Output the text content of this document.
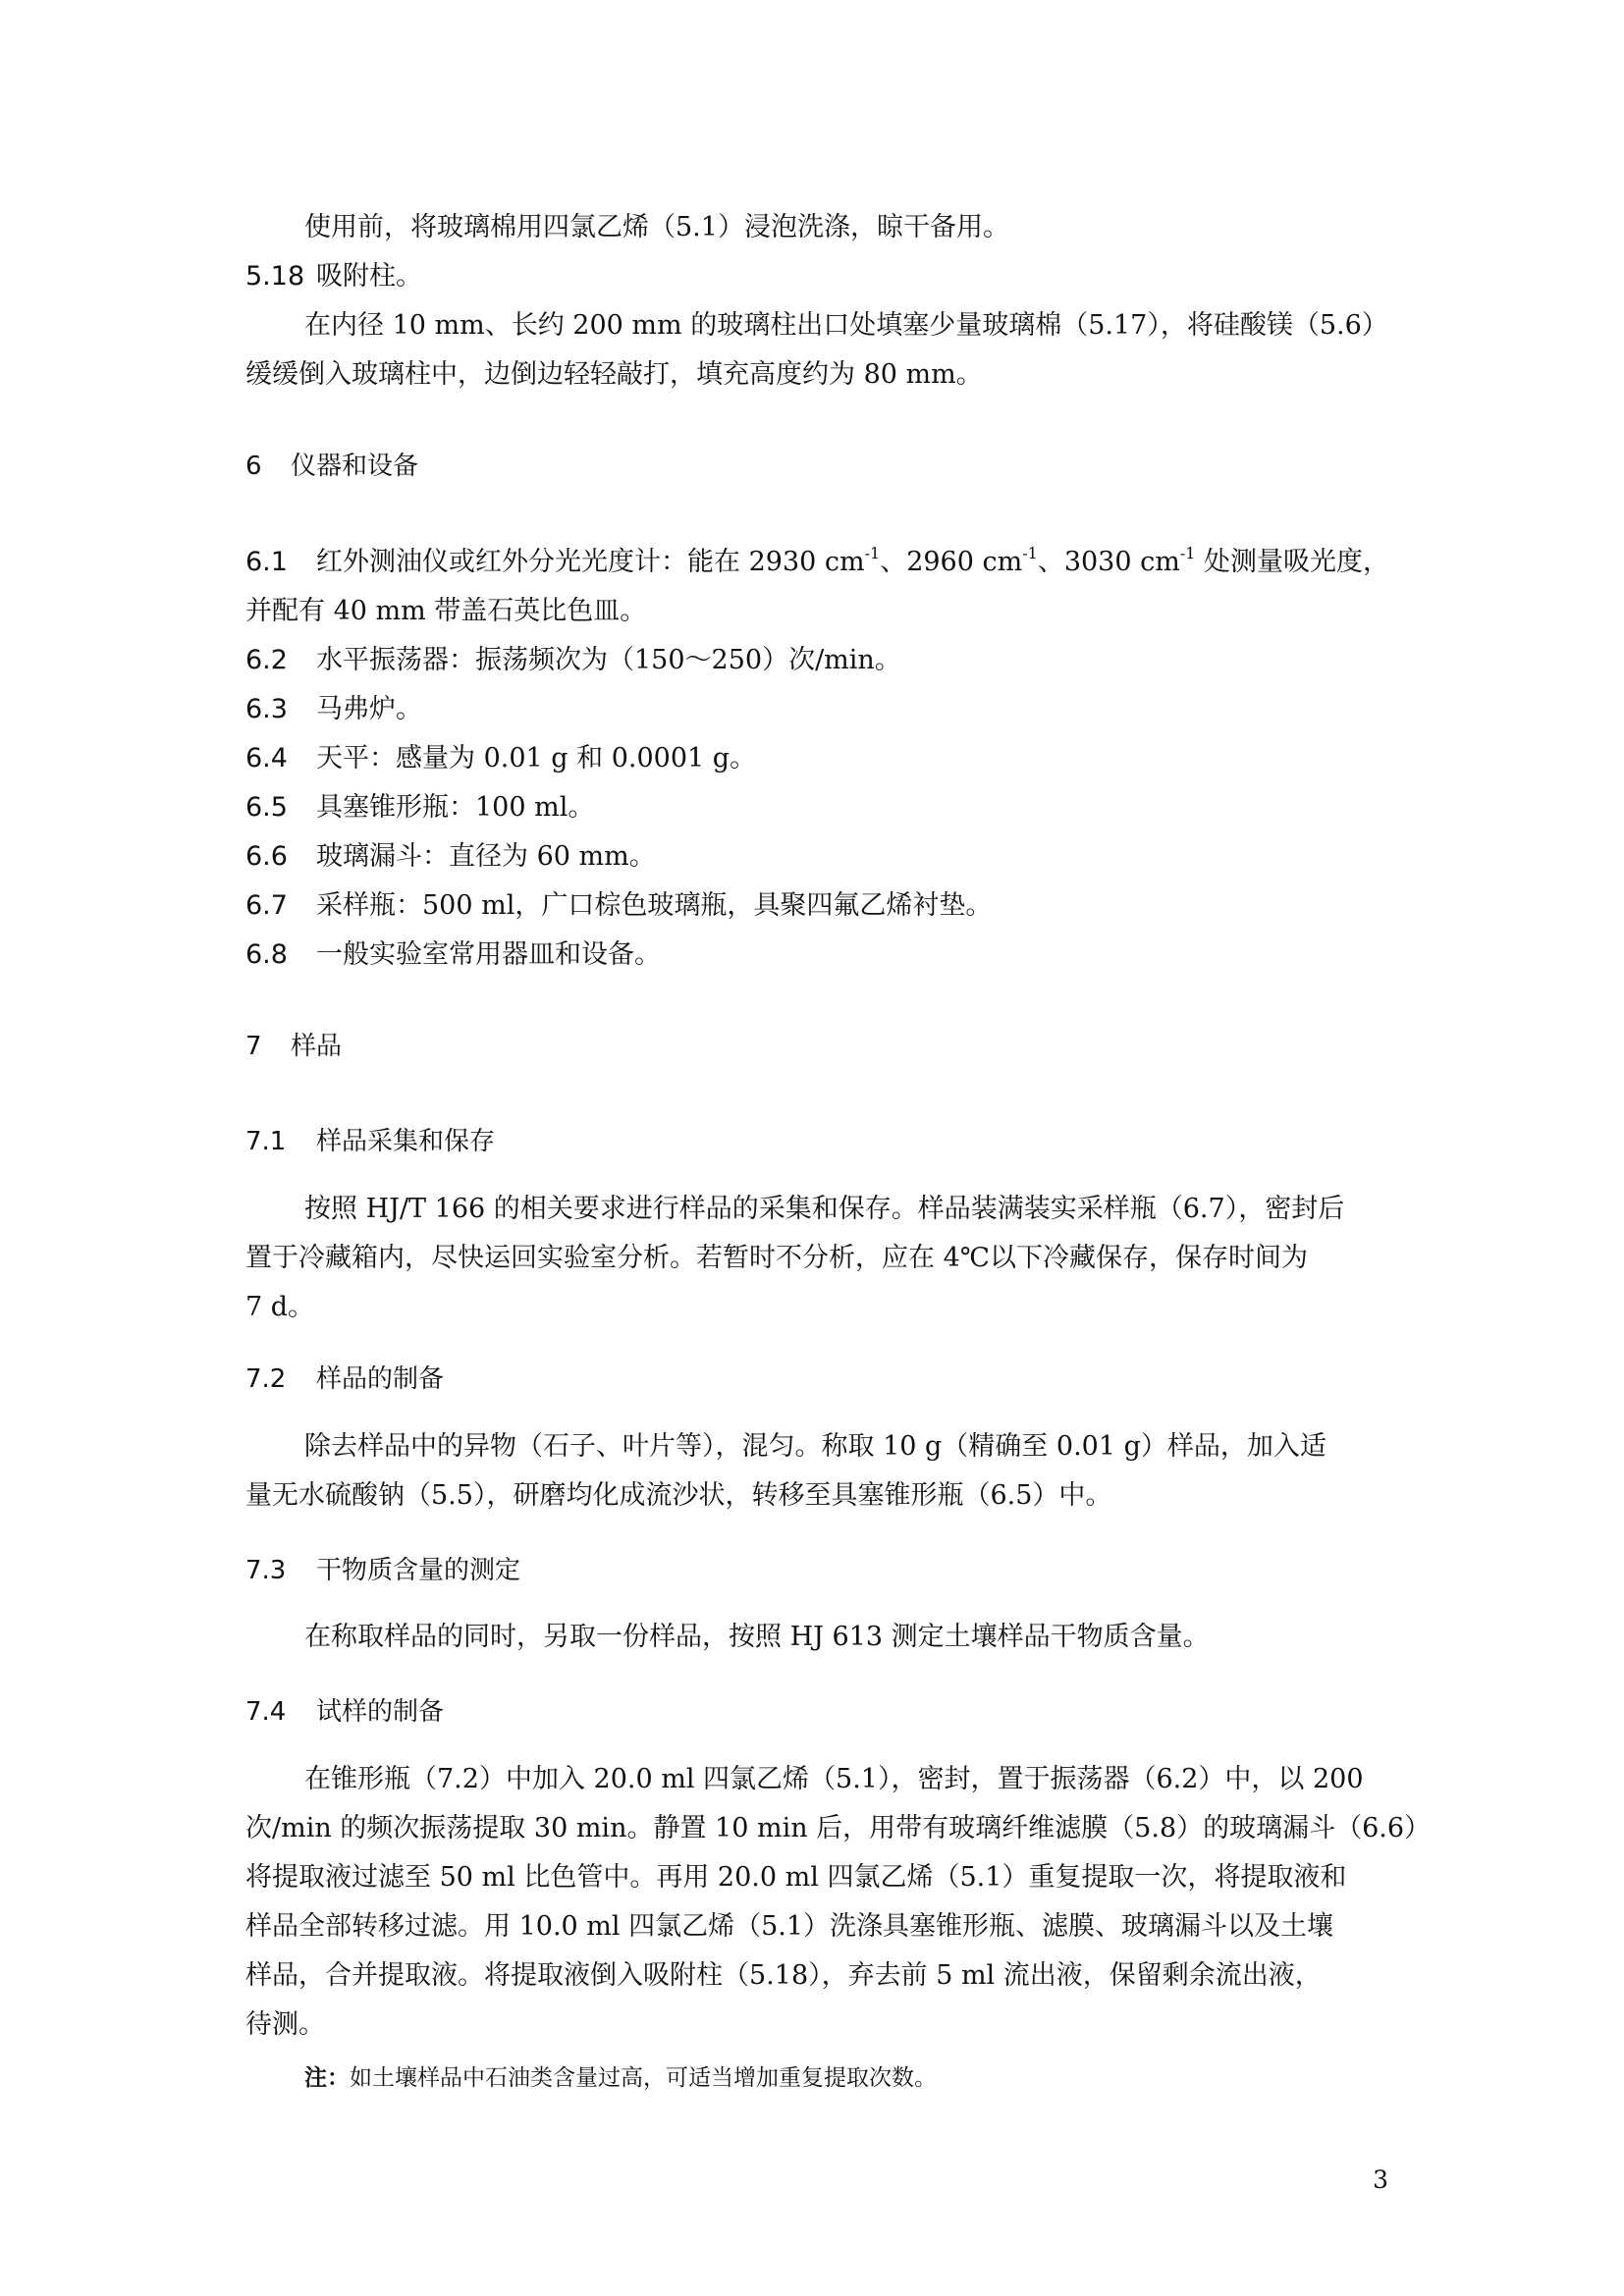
使用前，将玻璃棉用四氯乙烯（5.1）浸泡洗涤，晾干备用。
5.18 吸附柱。
在内径 10 mm、长约 200 mm 的玻璃柱出口处填塞少量玻璃棉（5.17），将硅酸镁（5.6）
缓缓倒入玻璃柱中，边倒边轻轻敲打，填充高度约为 80 mm。
6 仪器和设备
6.1 红外测油仪或红外分光光度计：能在 2930 $cm^{-1}$、2960 $cm^{-1}$、3030 $cm^{-1}$ 处测量吸光度，
并配有 40 mm 带盖石英比色皿。
6.2 水平振荡器：振荡频次为（150～250）次/min。
6.3 马弗炉。
6.4 天平：感量为 0.01 g 和 0.0001 g。
6.5 具塞锥形瓶：100 ml。
6.6 玻璃漏斗：直径为 60 mm。
6.7 采样瓶：500 ml，广口棕色玻璃瓶，具聚四氟乙烯衬垫。
6.8 一般实验室常用器皿和设备。
7 样品
7.1 样品采集和保存
按照 HJ/T 166 的相关要求进行样品的采集和保存。样品装满装实采样瓶（6.7），密封后
置于冷藏箱内，尽快运回实验室分析。若暂时不分析，应在 4℃以下冷藏保存，保存时间为
7 d。
7.2 样品的制备
除去样品中的异物（石子、叶片等），混匀。称取 10 g（精确至 0.01 g）样品，加入适
量无水硫酸钠（5.5），研磨均化成流沙状，转移至具塞锥形瓶（6.5）中。
7.3 干物质含量的测定
在称取样品的同时，另取一份样品，按照 HJ 613 测定土壤样品干物质含量。
7.4 试样的制备
在锥形瓶（7.2）中加入 20.0 ml 四氯乙烯（5.1），密封，置于振荡器（6.2）中，以 200
次/min 的频次振荡提取 30 min。静置 10 min 后，用带有玻璃纤维滤膜（5.8）的玻璃漏斗（6.6）
将提取液过滤至 50 ml 比色管中。再用 20.0 ml 四氯乙烯（5.1）重复提取一次，将提取液和
样品全部转移过滤。用 10.0 ml 四氯乙烯（5.1）洗涤具塞锥形瓶、滤膜、玻璃漏斗以及土壤
样品，合并提取液。将提取液倒入吸附柱（5.18），弃去前 5 ml 流出液，保留剩余流出液，
待测。
注：如土壤样品中石油类含量过高，可适当增加重复提取次数。
3
